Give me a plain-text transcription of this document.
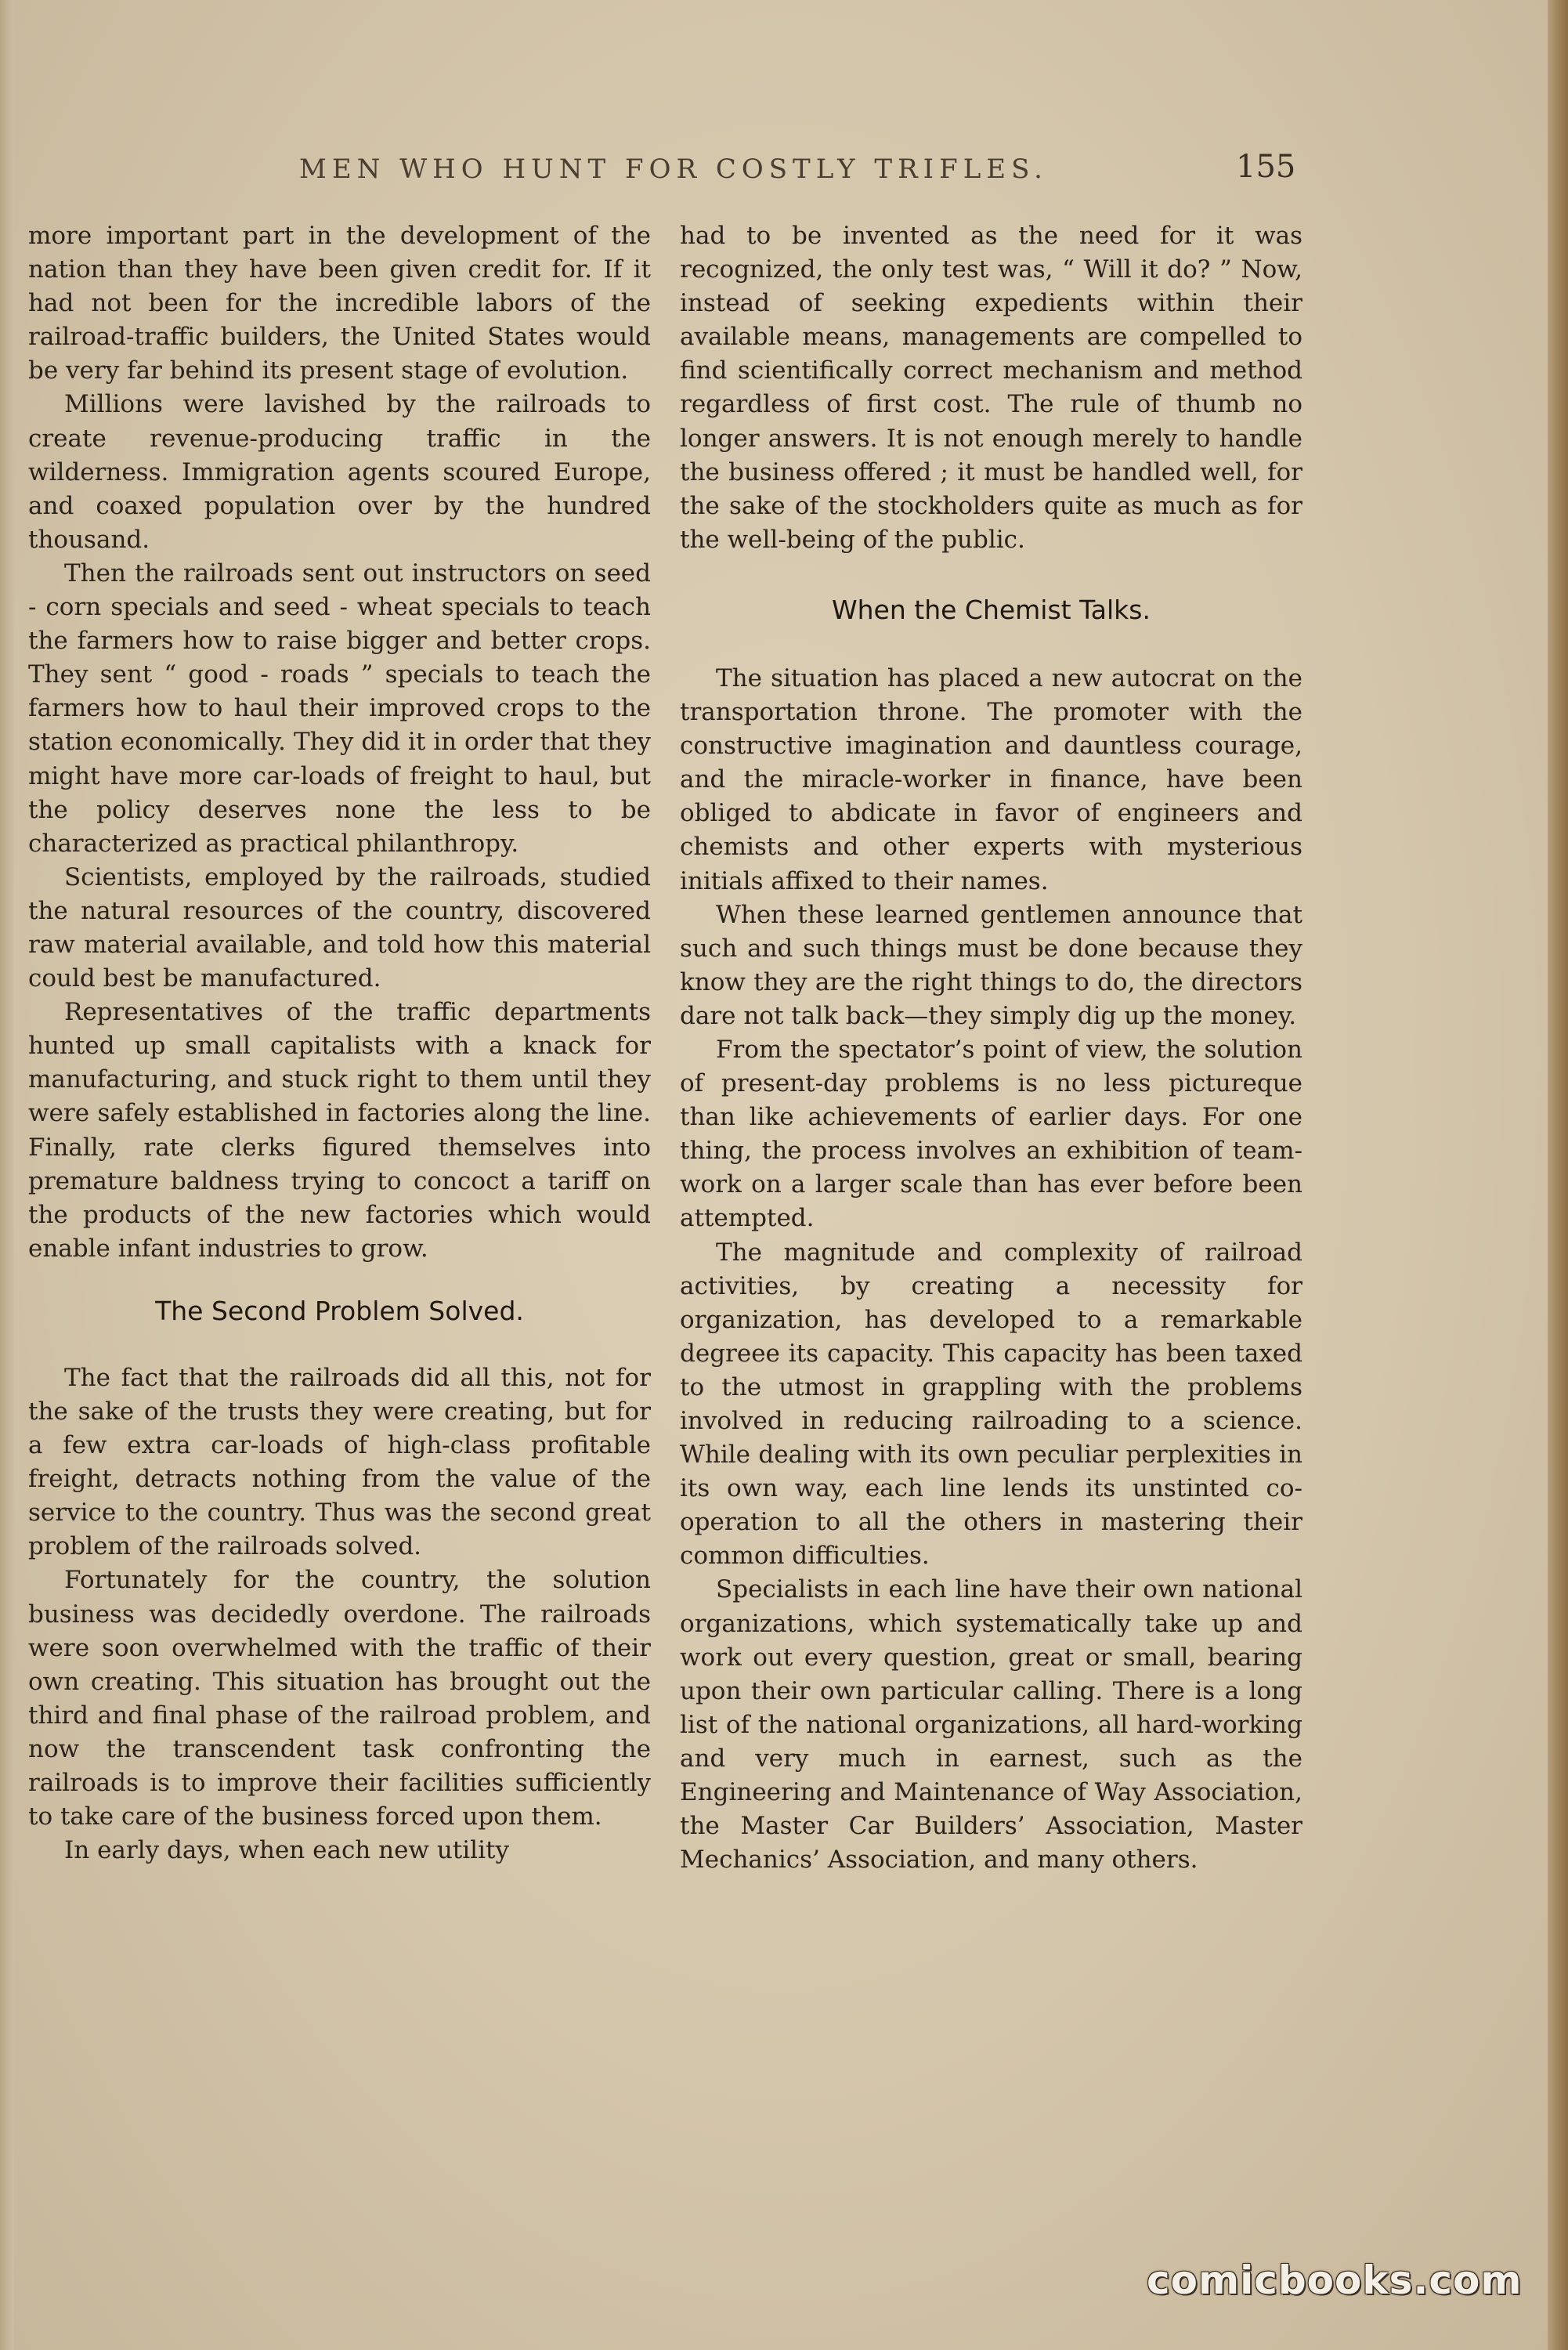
MEN WHO HUNT FOR COSTLY TRIFLES.	155

more important part in the development of the nation than they have been given credit for. If it had not been for the incredible labors of the railroad-traffic builders, the United States would be very far behind its present stage of evolution.

Millions were lavished by the railroads to create revenue-producing traffic in the wilderness. Immigration agents scoured Europe, and coaxed population over by the hundred thousand.

Then the railroads sent out instructors on seed - corn specials and seed - wheat specials to teach the farmers how to raise bigger and better crops. They sent “ good - roads ” specials to teach the farmers how to haul their improved crops to the station economically. They did it in order that they might have more car-loads of freight to haul, but the policy deserves none the less to be characterized as practical philanthropy.

Scientists, employed by the railroads, studied the natural resources of the country, discovered raw material available, and told how this material could best be manufactured.

Representatives of the traffic departments hunted up small capitalists with a knack for manufacturing, and stuck right to them until they were safely established in factories along the line. Finally, rate clerks figured themselves into premature baldness trying to concoct a tariff on the products of the new factories which would enable infant industries to grow.

The Second Problem Solved.

The fact that the railroads did all this, not for the sake of the trusts they were creating, but for a few extra car-loads of high-class profitable freight, detracts nothing from the value of the service to the country. Thus was the second great problem of the railroads solved.

Fortunately for the country, the solution business was decidedly overdone. The railroads were soon overwhelmed with the traffic of their own creating. This situation has brought out the third and final phase of the railroad problem, and now the transcendent task confronting the railroads is to improve their facilities sufficiently to take care of the business forced upon them.

In early days, when each new utility

had to be invented as the need for it was recognized, the only test was, “ Will it do? ” Now, instead of seeking expedients within their available means, managements are compelled to find scientifically correct mechanism and method regardless of first cost. The rule of thumb no longer answers. It is not enough merely to handle the business offered ; it must be handled well, for the sake of the stockholders quite as much as for the well-being of the public.

When the Chemist Talks.

The situation has placed a new autocrat on the transportation throne. The promoter with the constructive imagination and dauntless courage, and the miracle-worker in finance, have been obliged to abdicate in favor of engineers and chemists and other experts with mysterious initials affixed to their names.

When these learned gentlemen announce that such and such things must be done because they know they are the right things to do, the directors dare not talk back—they simply dig up the money.

From the spectator’s point of view, the solution of present-day problems is no less pictureque than like achievements of earlier days. For one thing, the process involves an exhibition of team-work on a larger scale than has ever before been attempted.

The magnitude and complexity of railroad activities, by creating a necessity for organization, has developed to a remarkable degreee its capacity. This capacity has been taxed to the utmost in grappling with the problems involved in reducing railroading to a science. While dealing with its own peculiar perplexities in its own way, each line lends its unstinted co-operation to all the others in mastering their common difficulties.

Specialists in each line have their own national organizations, which systematically take up and work out every question, great or small, bearing upon their own particular calling. There is a long list of the national organizations, all hard-working and very much in earnest, such as the Engineering and Maintenance of Way Association, the Master Car Builders’ Association, Master Mechanics’ Association, and many others.

comicbooks.com
